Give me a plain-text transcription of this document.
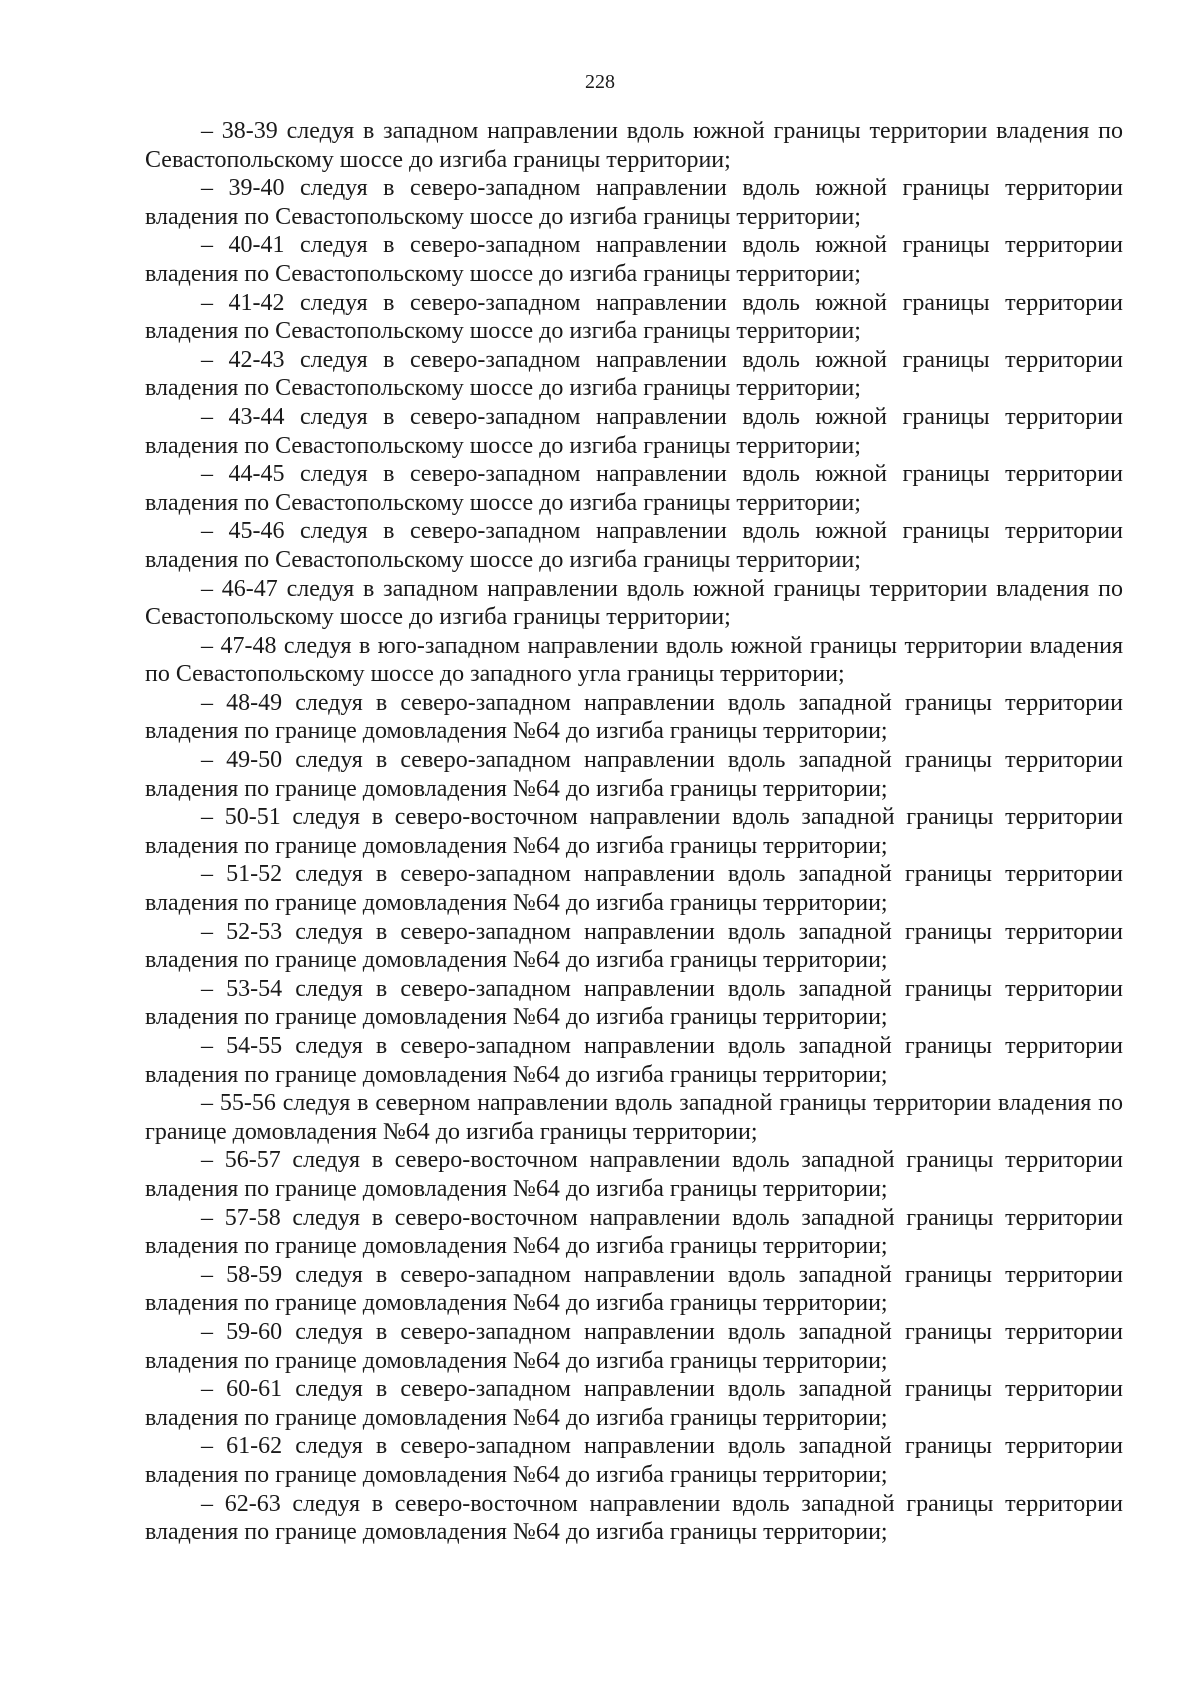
228

– 38-39 следуя в западном направлении вдоль южной границы территории владения по Севастопольскому шоссе до изгиба границы территории;

– 39-40 следуя в северо-западном направлении вдоль южной границы территории владения по Севастопольскому шоссе до изгиба границы территории;

– 40-41 следуя в северо-западном направлении вдоль южной границы территории владения по Севастопольскому шоссе до изгиба границы территории;

– 41-42 следуя в северо-западном направлении вдоль южной границы территории владения по Севастопольскому шоссе до изгиба границы территории;

– 42-43 следуя в северо-западном направлении вдоль южной границы территории владения по Севастопольскому шоссе до изгиба границы территории;

– 43-44 следуя в северо-западном направлении вдоль южной границы территории владения по Севастопольскому шоссе до изгиба границы территории;

– 44-45 следуя в северо-западном направлении вдоль южной границы территории владения по Севастопольскому шоссе до изгиба границы территории;

– 45-46 следуя в северо-западном направлении вдоль южной границы территории владения по Севастопольскому шоссе до изгиба границы территории;

– 46-47 следуя в западном направлении вдоль южной границы территории владения по Севастопольскому шоссе до изгиба границы территории;

– 47-48 следуя в юго-западном направлении вдоль южной границы территории владения по Севастопольскому шоссе до западного угла границы территории;

– 48-49 следуя в северо-западном направлении вдоль западной границы территории владения по границе домовладения №64 до изгиба границы территории;

– 49-50 следуя в северо-западном направлении вдоль западной границы территории владения по границе домовладения №64 до изгиба границы территории;

– 50-51 следуя в северо-восточном направлении вдоль западной границы территории владения по границе домовладения №64 до изгиба границы территории;

– 51-52 следуя в северо-западном направлении вдоль западной границы территории владения по границе домовладения №64 до изгиба границы территории;

– 52-53 следуя в северо-западном направлении вдоль западной границы территории владения по границе домовладения №64 до изгиба границы территории;

– 53-54 следуя в северо-западном направлении вдоль западной границы территории владения по границе домовладения №64 до изгиба границы территории;

– 54-55 следуя в северо-западном направлении вдоль западной границы территории владения по границе домовладения №64 до изгиба границы территории;

– 55-56 следуя в северном направлении вдоль западной границы территории владения по границе домовладения №64 до изгиба границы территории;

– 56-57 следуя в северо-восточном направлении вдоль западной границы территории владения по границе домовладения №64 до изгиба границы территории;

– 57-58 следуя в северо-восточном направлении вдоль западной границы территории владения по границе домовладения №64 до изгиба границы территории;

– 58-59 следуя в северо-западном направлении вдоль западной границы территории владения по границе домовладения №64 до изгиба границы территории;

– 59-60 следуя в северо-западном направлении вдоль западной границы территории владения по границе домовладения №64 до изгиба границы территории;

– 60-61 следуя в северо-западном направлении вдоль западной границы территории владения по границе домовладения №64 до изгиба границы территории;

– 61-62 следуя в северо-западном направлении вдоль западной границы территории владения по границе домовладения №64 до изгиба границы территории;

– 62-63 следуя в северо-восточном направлении вдоль западной границы территории владения по границе домовладения №64 до изгиба границы территории;
